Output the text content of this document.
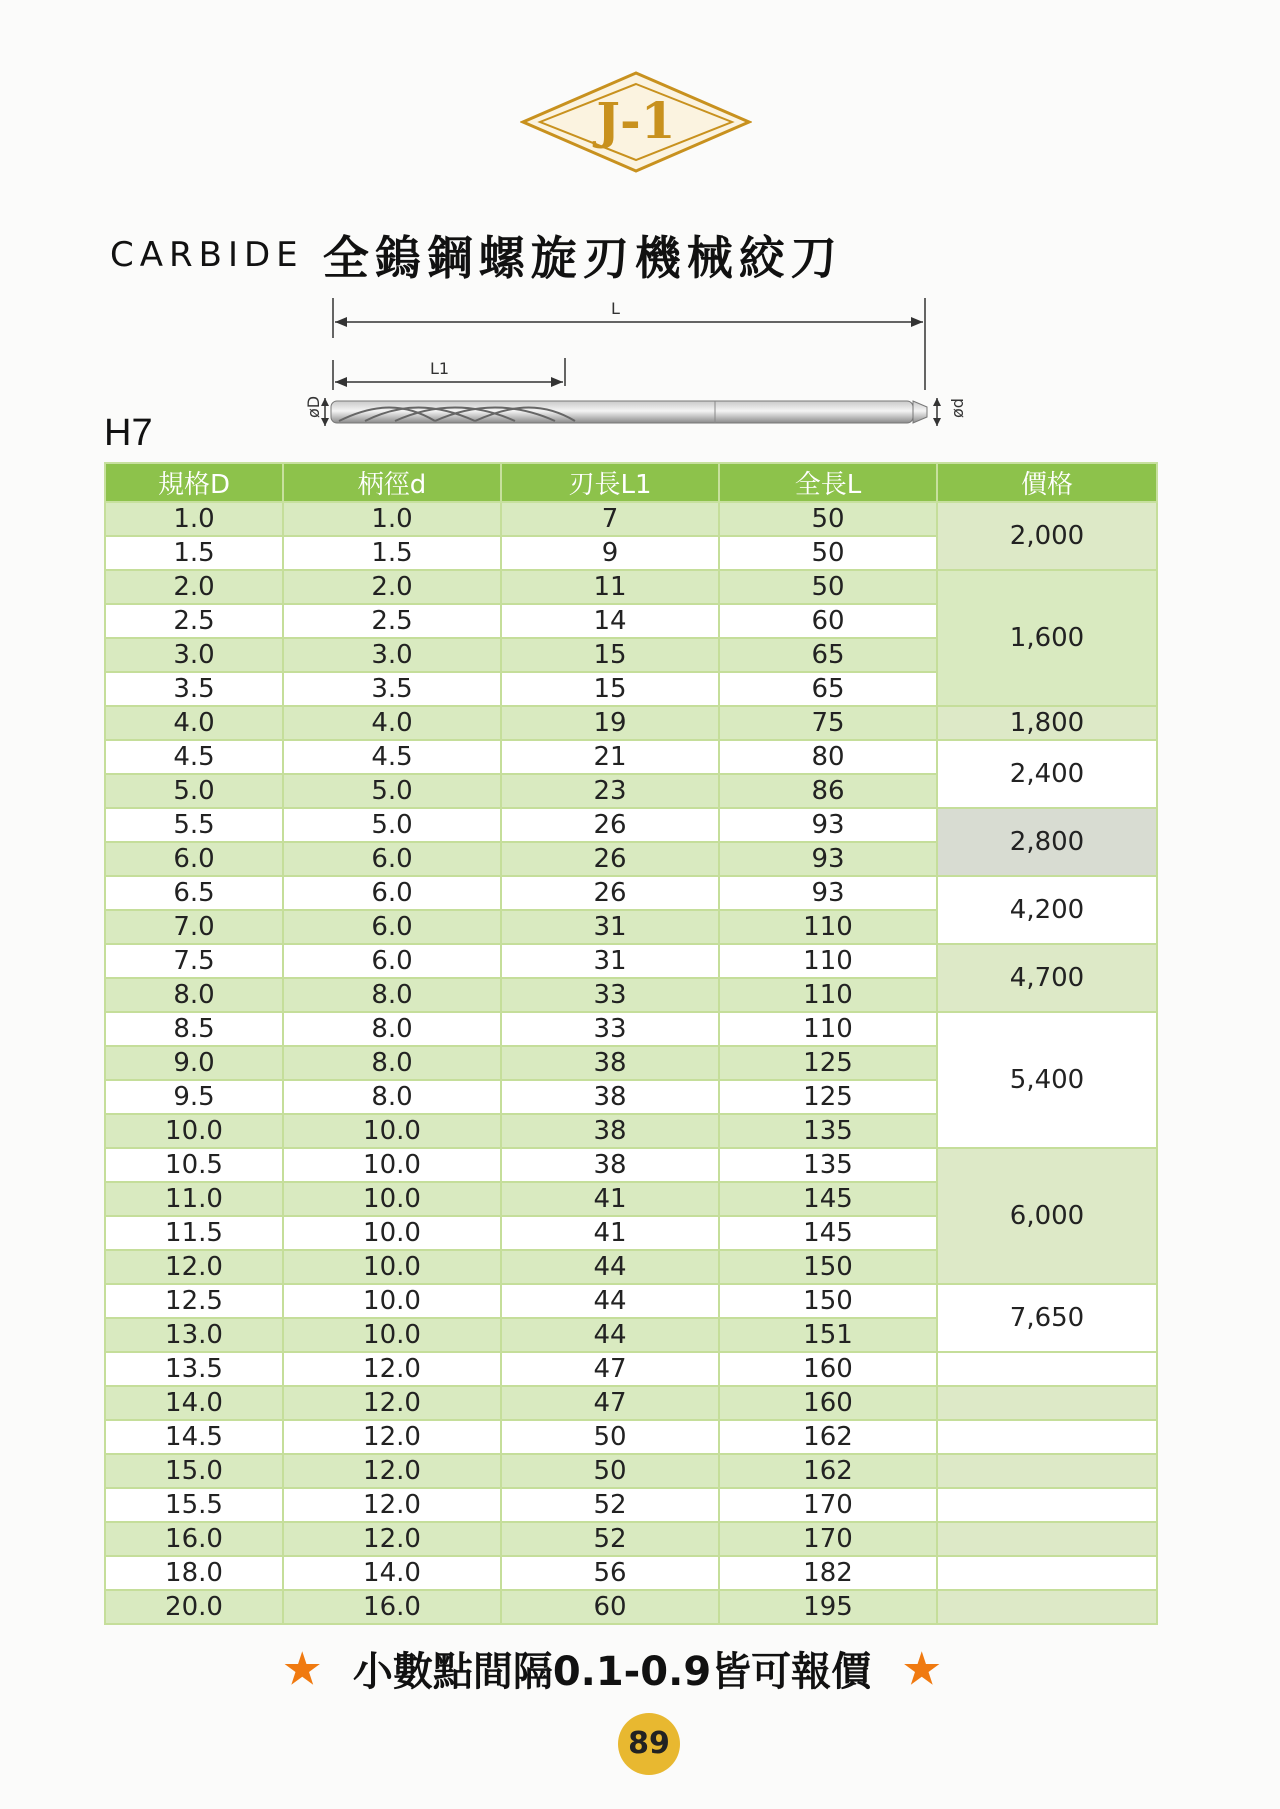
J-1
CARBIDE 全鎢鋼螺旋刃機械絞刀
L
L1
øD	ød
H7
規格D	柄徑d	刃長L1	全長L	價格
1.0	1.0	7	50	2,000
1.5	1.5	9	50	
2.0	2.0	11	50	1,600
2.5	2.5	14	60	
3.0	3.0	15	65	
3.5	3.5	15	65	
4.0	4.0	19	75	1,800
4.5	4.5	21	80	2,400
5.0	5.0	23	86	
5.5	5.0	26	93	2,800
6.0	6.0	26	93	
6.5	6.0	26	93	4,200
7.0	6.0	31	110	
7.5	6.0	31	110	4,700
8.0	8.0	33	110	
8.5	8.0	33	110	5,400
9.0	8.0	38	125	
9.5	8.0	38	125	
10.0	10.0	38	135	
10.5	10.0	38	135	6,000
11.0	10.0	41	145	
11.5	10.0	41	145	
12.0	10.0	44	150	
12.5	10.0	44	150	7,650
13.0	10.0	44	151	
13.5	12.0	47	160	
14.0	12.0	47	160	
14.5	12.0	50	162	
15.0	12.0	50	162	
15.5	12.0	52	170	
16.0	12.0	52	170	
18.0	14.0	56	182	
20.0	16.0	60	195	
★ 小數點間隔0.1-0.9皆可報價 ★
89
